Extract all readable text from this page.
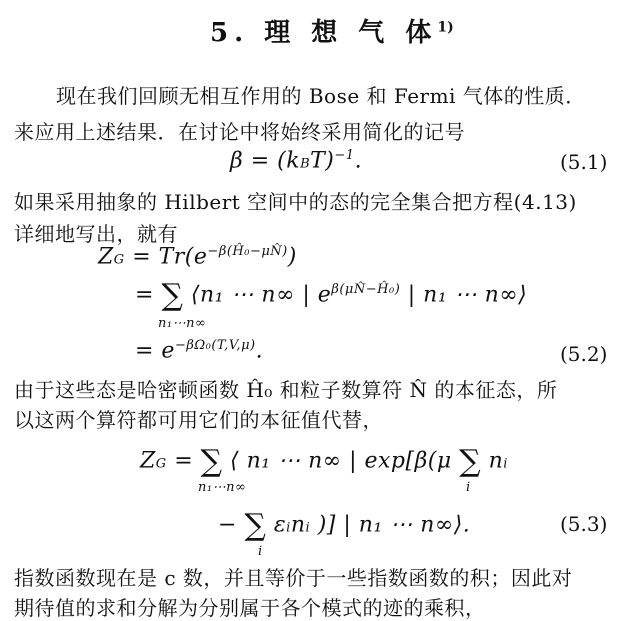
5. 理 想 气 体$^{1)}$
现在我们回顾无相互作用的 Bose 和 Fermi 气体的性质．
来应用上述结果．在讨论中将始终采用简化的记号
β = (kBT)$^{-1}$.	(5.1)
如果采用抽象的 Hilbert 空间中的态的完全集合把方程(4.13)
详细地写出，就有
ZG = $Tr(e^{-\beta(Ĥ_0-\mu N̂)})$
= ∑ ⟨n₁ ⋯ n∞ | $e^{\beta(\mu N̂-Ĥ_0)}$ | n₁ ⋯ n∞⟩
n₁⋯n∞
= $e^{-\beta\Omega_0(T,V,\mu)}$.	(5.2)
由于这些态是哈密顿函数 Ĥ₀ 和粒子数算符 N̂ 的本征态，所
以这两个算符都可用它们的本征值代替，
ZG = ∑ ⟨ n₁ ⋯ n∞ | exp[β(μ ∑ ni
n₁⋯n∞	i
− ∑ εini )] | n₁ ⋯ n∞⟩.
i
(5.3)
指数函数现在是 c 数，并且等价于一些指数函数的积；因此对
期待值的求和分解为分别属于各个模式的迹的乘积，
